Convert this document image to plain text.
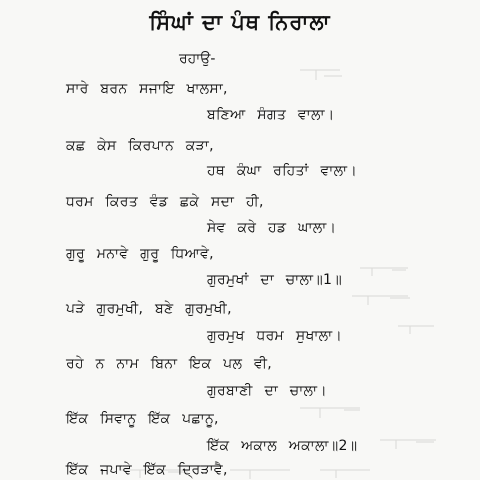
ਸਿੰਘਾਂ ਦਾ ਪੰਥ ਨਿਰਾਲਾ
ਰਹਾਉ-
ਸਾਰੇ ਬਰਨ ਸਜਾਇ ਖਾਲਸਾ,
ਬਣਿਆ ਸੰਗਤ ਵਾਲਾ।
ਕਛ ਕੇਸ ਕਿਰਪਾਨ ਕੜਾ,
ਹਥ ਕੰਘਾ ਰਹਿਤਾਂ ਵਾਲਾ।
ਧਰਮ ਕਿਰਤ ਵੰਡ ਛਕੇ ਸਦਾ ਹੀ,
ਸੇਵ ਕਰੇ ਹਡ ਘਾਲਾ।
ਗੁਰੂ ਮਨਾਵੇ ਗੁਰੂ ਧਿਆਵੇ,
ਗੁਰਮੁਖਾਂ ਦਾ ਚਾਲਾ॥1॥
ਪੜੇ ਗੁਰਮੁਖੀ, ਬਣੇ ਗੁਰਮੁਖੀ,
ਗੁਰਮੁਖ ਧਰਮ ਸੁਖਾਲਾ।
ਰਹੇ ਨ ਨਾਮ ਬਿਨਾ ਇਕ ਪਲ ਵੀ,
ਗੁਰਬਾਣੀ ਦਾ ਚਾਲਾ।
ਇੱਕ ਸਿਵਾਨੂ ਇੱਕ ਪਛਾਨੂ,
ਇੱਕ ਅਕਾਲ ਅਕਾਲਾ॥2॥
ਇੱਕ ਜਪਾਵੇ ਇੱਕ ਦ੍ਰਿੜਾਵੈ,
